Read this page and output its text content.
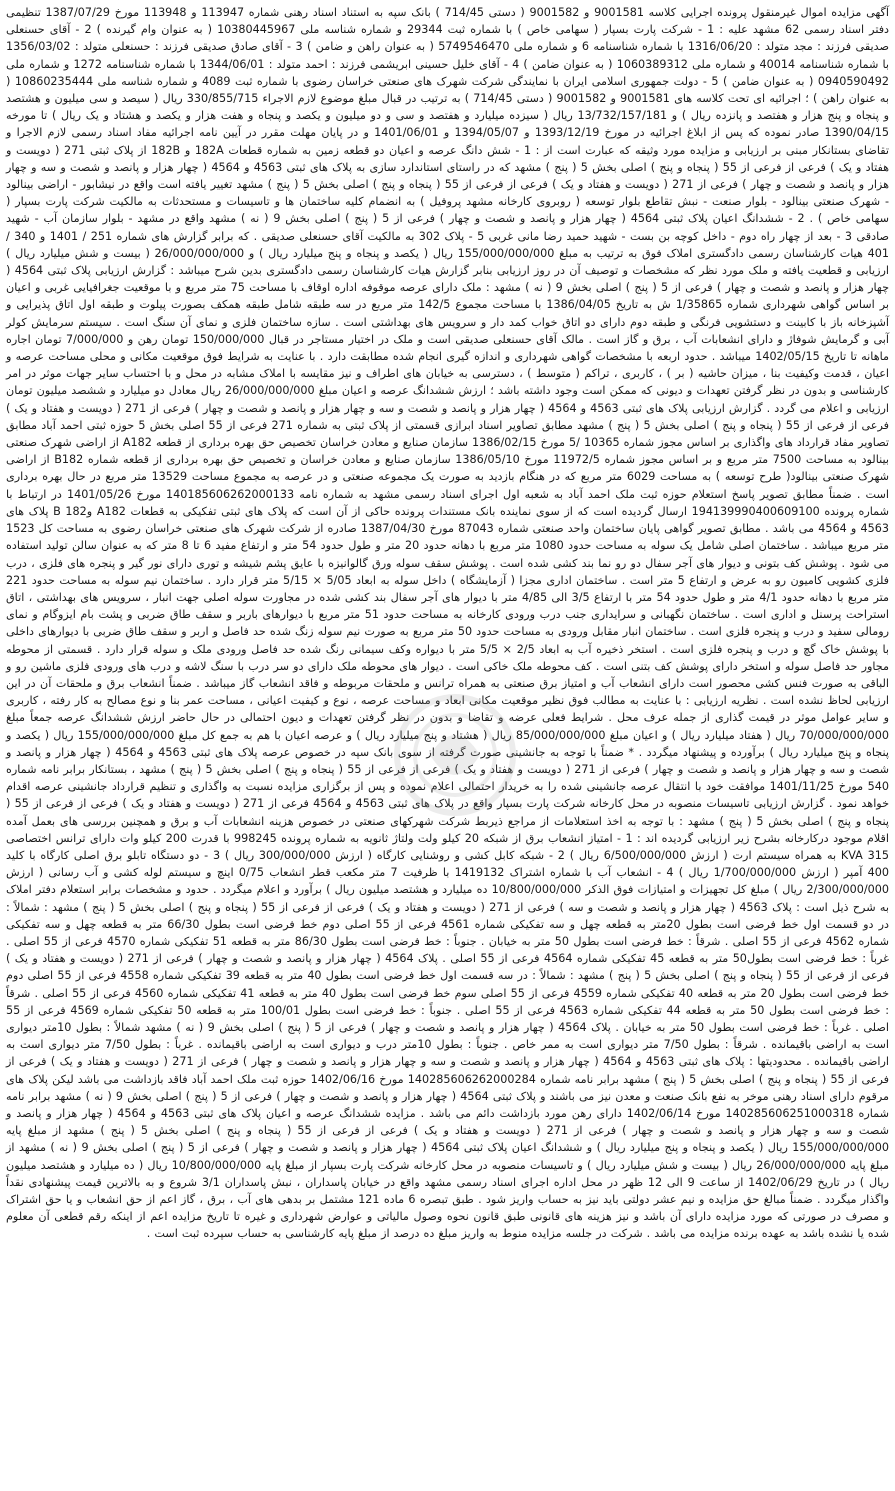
آگهی مزایده اموال غیرمنقول پرونده اجرایی کلاسه 9001581 و 9001582 ( دستی 714/45 ) بانک سپه به استناد اسناد رهنی شماره 113947 و 113948 مورخ 1387/07/29 تنظیمی دفتر اسناد رسمی 62 مشهد علیه : 1 - شرکت پارت بسپار ( سهامی خاص ) با شماره ثبت 29344 و شماره شناسه ملی 10380445967 ( به عنوان وام گیرنده ) 2 - آقای حسنعلی صدیقی فرزند : مجد متولد : 1316/06/20 با شماره شناسنامه 6 و شماره ملی 5749546470 ( به عنوان راهن و ضامن ) 3 - آقای صادق صدیقی فرزند : حسنعلی متولد : 1356/03/02 با شماره شناسنامه 40014 و شماره ملی 1060389312 ( به عنوان ضامن ) 4 - آقای خلیل حسینی ابریشمی فرزند : احمد متولد : 1344/06/01 با شماره شناسنامه 1272 و شماره ملی 0940590492 ( به عنوان ضامن ) 5 - دولت جمهوری اسلامی ایران با نمایندگی شرکت شهرک های صنعتی خراسان رضوی با شماره ثبت 4089 و شماره شناسه ملی 10860235444 ( به عنوان راهن ) ؛ اجرائیه ای تحت کلاسه های 9001581 و 9001582 ( دستی 714/45 ) به ترتیب در قبال مبلغ موضوع لازم الاجراء 330/855/715 ریال ( سیصد و سی میلیون و هشتصد و پنجاه و پنج هزار و هفتصد و پانزده ریال ) و 13/732/157/181 ریال ( سیزده میلیارد و هفتصد و سی و دو میلیون و یکصد و پنجاه و هفت هزار و یکصد و هشتاد و یک ریال ) تا مورخه 1390/04/15 صادر نموده که پس از ابلاغ اجرائیه در مورخ 1393/12/19 و 1394/05/07 و 1401/06/01 و در پایان مهلت مقرر در آیین نامه اجرائیه مفاد اسناد رسمی لازم الاجرا و تقاضای بستانکار مبنی بر ارزیابی و مزایده مورد وثیقه که عبارت است از : 1 - شش دانگ عرصه و اعیان دو قطعه زمین به شماره قطعات 182A و 182B از پلاک ثبتی 271 ( دویست و هفتاد و یک ) فرعی از فرعی از 55 ( پنجاه و پنج ) اصلی بخش 5 ( پنج ) مشهد که در راستای استاندارد سازی به پلاک های ثبتی 4563 و 4564 ( چهار هزار و پانصد و شصت و سه و چهار هزار و پانصد و شصت و چهار ) فرعی از 271 ( دویست و هفتاد و یک ) فرعی از فرعی از 55 ( پنجاه و پنج ) اصلی بخش 5 ( پنج ) مشهد تغییر یافته است واقع در نیشابور - اراضی بینالود - شهرک صنعتی بینالود - بلوار صنعت - نبش تقاطع بلوار توسعه ( روبروی کارخانه مشهد پروفیل ) به انضمام کلیه ساختمان ها و تاسیسات و مستحدثات به مالکیت شرکت پارت بسپار ( سهامی خاص ) . 2 - ششدانگ اعیان پلاک ثبتی 4564 ( چهار هزار و پانصد و شصت و چهار ) فرعی از 5 ( پنج ) اصلی بخش 9 ( نه ) مشهد واقع در مشهد - بلوار سازمان آب - شهید صادقی 3 - بعد از چهار راه دوم - داخل کوچه بن بست - شهید حمید رضا مانی غربی 5 - پلاک 302 به مالکیت آقای حسنعلی صدیقی . که برابر گزارش های شماره 251 / 1401 و 340 / 401 هیات کارشناسان رسمی دادگستری املاک فوق به ترتیب به مبلغ 155/000/000/000 ریال ( یکصد و پنجاه و پنج میلیارد ریال ) و 26/000/000/000 ( بیست و شش میلیارد ریال ) ارزیابی و قطعیت یافته و ملک مورد نظر که مشخصات و توصیف آن در روز ارزیابی بنابر گزارش هیات کارشناسان رسمی دادگستری بدین شرح میباشد : گزارش ارزیابی پلاک ثبتی 4564 ( چهار هزار و پانصد و شصت و چهار ) فرعی از 5 ( پنج ) اصلی بخش 9 ( نه ) مشهد : ملک دارای عرصه موقوفه اداره اوقاف با مساحت 75 متر مربع و با موقعیت جغرافیایی غربی و اعیان بر اساس گواهی شهرداری شماره 1/35865 ش به تاریخ 1386/04/05 با مساحت مجموع 142/5 متر مربع در سه طبقه شامل طبقه همکف بصورت پیلوت و طبقه اول اتاق پذیرایی و آشپزخانه باز با کابینت و دستشویی فرنگی و طبقه دوم دارای دو اتاق خواب کمد دار و سرویس های بهداشتی است . سازه ساختمان فلزی و نمای آن سنگ است . سیستم سرمایش کولر آبی و گرمایش شوفاژ و دارای انشعابات آب ، برق و گاز است . مالک آقای حسنعلی صدیقی است و ملک در اختیار مستاجر در قبال 150/000/000 تومان رهن و 7/000/000 تومان اجاره ماهانه تا تاریخ 1402/05/15 میباشد . حدود اربعه با مشخصات گواهی شهرداری و اندازه گیری انجام شده مطابقت دارد . با عنایت به شرایط فوق موقعیت مکانی و محلی مساحت عرصه و اعیان ، قدمت وکیفیت بنا ، میزان حاشیه ( بر ) ، کاربری ، تراکم ( متوسط ) ، دسترسی به خیابان های اطراف و نیز مقایسه با املاک مشابه در محل و با احتساب سایر جهات موثر در امر کارشناسی و بدون در نظر گرفتن تعهدات و دیونی که ممکن است وجود داشته باشد ؛ ارزش ششدانگ عرصه و اعیان مبلغ 26/000/000/000 ریال معادل دو میلیارد و ششصد میلیون تومان ارزیابی و اعلام می گردد . گزارش ارزیابی پلاک های ثبتی 4563 و 4564 ( چهار هزار و پانصد و شصت و سه و چهار هزار و پانصد و شصت و چهار ) فرعی از 271 ( دویست و هفتاد و یک ) فرعی از فرعی از 55 ( پنجاه و پنج ) اصلی بخش 5 ( پنج ) مشهد مطابق تصاویر اسناد ابرازی قسمتی از پلاک ثبتی به شماره 271 فرعی از 55 اصلی بخش 5 حوزه ثبتی احمد آباد مطابق تصاویر مفاد قرارداد های واگذاری بر اساس مجوز شماره 10365 /5 مورخ 1386/02/15 سازمان صنایع و معادن خراسان تخصیص حق بهره برداری از قطعه A182 از اراضی شهرک صنعتی بینالود به مساحت 7500 متر مربع و بر اساس مجوز شماره 11972/5 مورخ 1386/05/10 سازمان صنایع و معادن خراسان و تخصیص حق بهره برداری از قطعه شماره B182 از اراضی شهرک صنعتی بینالود( طرح توسعه ) به مساحت 6029 متر مربع که در هنگام بازدید به صورت یک مجموعه صنعتی و در عرصه به مجموع مساحت 13529 متر مربع در حال بهره برداری است . ضمناً مطابق تصویر پاسخ استعلام حوزه ثبت ملک احمد آباد به شعبه اول اجرای اسناد رسمی مشهد به شماره نامه 140185606262000133 مورخ 1401/05/26 در ارتباط با شماره پرونده 194139990400609100 ارسال گردیده است که از سوی نماینده بانک مستندات پرونده حاکی از آن است که پلاک های ثبتی تفکیکی به قطعات A182 وB 182 پلاک های 4563 و 4564 می باشد . مطابق تصویر گواهی پایان ساختمان واحد صنعتی شماره 87043 مورخ 1387/04/30 صادره از شرکت شهرک های صنعتی خراسان رضوی به مساحت کل 1523 متر مربع میباشد . ساختمان اصلی شامل یک سوله به مساحت حدود 1080 متر مربع با دهانه حدود 20 متر و طول حدود 54 متر و ارتفاع مفید 6 تا 8 متر که به عنوان سالن تولید استفاده می شود . پوشش کف بتونی و دیوار های آجر سفال دو رو نما بند کشی شده است . پوشش سقف سوله ورق گالوانیزه با عایق پشم شیشه و توری دارای نور گیر و پنجره های فلزی ، درب فلزی کشویی کامیون رو به عرض و ارتفاع 5 متر است . ساختمان اداری مجزا ( آزمایشگاه ) داخل سوله به ابعاد 5/05 × 5/15 متر قرار دارد . ساختمان نیم سوله به مساحت حدود 221 متر مربع با دهانه حدود 4/1 متر و طول حدود 54 متر با ارتفاع 3/5 الی 4/85 متر با دیوار های آجر سفال بند کشی شده در مجاورت سوله اصلی جهت انبار ، سرویس های بهداشتی ، اتاق استراحت پرسنل و اداری است . ساختمان نگهبانی و سرایداری جنب درب ورودی کارخانه به مساحت حدود 51 متر مربع با دیوارهای باربر و سقف طاق ضربی و پشت بام ایزوگام و نمای رومالی سفید و درب و پنجره فلزی است . ساختمان انبار مقابل ورودی به مساحت حدود 50 متر مربع به صورت نیم سوله زنگ شده حد فاصل و اربر و سقف طاق ضربی با دیوارهای داخلی با پوشش خاک گچ و درب و پنجره فلزی است . استخر ذخیره آب به ابعاد 2/5 × 5/5 متر با دیواره وکف سیمانی رنگ شده حد فاصل ورودی ملک و سوله قرار دارد . قسمتی از محوطه مجاور حد فاصل سوله و استخر دارای پوشش کف بتنی است . کف محوطه ملک خاکی است . دیوار های محوطه ملک دارای دو سر درب با سنگ لاشه و درب های ورودی فلزی ماشین رو و الباقی به صورت فنس کشی محصور است دارای انشعاب آب و امتیاز برق صنعتی به همراه ترانس و ملحقات مربوطه و فاقد انشعاب گاز میباشد . ضمناً انشعاب برق و ملحقات آن در این ارزیابی لحاظ نشده است . نظریه ارزیابی : با عنایت به مطالب فوق نظیر موقعیت مکانی ابعاد و مساحت عرصه ، نوع و کیفیت اعیانی ، مساحت عمر بنا و نوع مصالح به کار رفته ، کاربری و سایر عوامل موثر در قیمت گذاری از جمله عرف محل . شرایط فعلی عرضه و تقاضا و بدون در نظر گرفتن تعهدات و دیون احتمالی در حال حاضر ارزش ششدانگ عرصه جمعاً مبلغ 70/000/000/000 ریال ( هفتاد میلیارد ریال ) و اعیان مبلغ 85/000/000/000 ریال ( هشتاد و پنج میلیارد ریال ) و عرصه اعیان با هم به جمع کل مبلغ 155/000/000/000 ریال ( یکصد و پنجاه و پنج میلیارد ریال ) برآورده و پیشنهاد میگردد . * ضمناً با توجه به جانشینی صورت گرفته از سوی بانک سپه در خصوص عرصه پلاک های ثبتی 4563 و 4564 ( چهار هزار و پانصد و شصت و سه و چهار هزار و پانصد و شصت و چهار ) فرعی از 271 ( دویست و هفتاد و یک ) فرعی از فرعی از 55 ( پنجاه و پنج ) اصلی بخش 5 ( پنج ) مشهد ، بستانکار برابر نامه شماره 540 مورخ 1401/11/25 موافقت خود با انتقال عرصه جانشینی شده را به خریدار احتمالی اعلام نموده و پس از برگزاری مزایده نسبت به واگذاری و تنظیم قرارداد جانشینی عرصه اقدام خواهد نمود . گزارش ارزیابی تاسیسات منصوبه در محل کارخانه شرکت پارت بسپار واقع در پلاک های ثبتی 4563 و 4564 فرعی از 271 ( دویست و هفتاد و یک ) فرعی از فرعی از 55 ( پنجاه و پنج ) اصلی بخش 5 ( پنج ) مشهد : با توجه به اخذ استعلامات از مراجع ذیربط شرکت شهرکهای صنعتی در خصوص هزینه انشعابات آب و برق و همچنین بررسی های بعمل آمده اقلام موجود درکارخانه بشرح زیر ارزیابی گردیده اند : 1 - امتیاز انشعاب برق از شبکه 20 کیلو ولت ولتاژ ثانویه به شماره پرونده 998245 با قدرت 200 کیلو وات دارای ترانس اختصاصی 315 KVA به همراه سیستم ارت ( ارزش 6/500/000/000 ریال ) 2 - شبکه کابل کشی و روشنایی کارگاه ( ارزش 300/000/000 ریال ) 3 - دو دستگاه تابلو برق اصلی کارگاه با کلید 400 آمپر ( ارزش 1/700/000/000 ریال ) 4 - انشعاب آب با شماره اشتراک 1419132 با ظرفیت 7 متر مکعب قطر انشعاب 0/75 اینچ و سیستم لوله کشی و آب رسانی ( ارزش 2/300/000/000 ریال ) مبلغ کل تجهیزات و امتیازات فوق الذکر 10/800/000/000 ده میلیارد و هشتصد میلیون ریال ) برآورد و اعلام میگردد . حدود و مشخصات برابر استعلام دفتر املاک به شرح ذیل است : پلاک 4563 ( چهار هزار و پانصد و شصت و سه ) فرعی از 271 ( دویست و هفتاد و یک ) فرعی از فرعی از 55 ( پنجاه و پنج ) اصلی بخش 5 ( پنج ) مشهد : شمالاً : در دو قسمت اول خط فرضی است بطول 20متر به قطعه چهل و سه تفکیکی شماره 4561 فرعی از 55 اصلی دوم خط فرضی است بطول 66/30 متر به قطعه چهل و سه تفکیکی شماره 4562 فرعی از 55 اصلی . شرقاً : خط فرضی است بطول 50 متر به خیابان . جنوباً : خط فرضی است بطول 86/30 متر به قطعه 51 تفکیکی شماره 4570 فرعی از 55 اصلی . غرباً : خط فرضی است بطول50 متر به قطعه 45 تفکیکی شماره 4564 فرعی از 55 اصلی . پلاک 4564 ( چهار هزار و پانصد و شصت و چهار ) فرعی از 271 ( دویست و هفتاد و یک ) فرعی از فرعی از 55 ( پنجاه و پنج ) اصلی بخش 5 ( پنج ) مشهد : شمالاً : در سه قسمت اول خط فرضی است بطول 40 متر به قطعه 39 تفکیکی شماره 4558 فرعی از 55 اصلی دوم خط فرضی است بطول 20 متر به قطعه 40 تفکیکی شماره 4559 فرعی از 55 اصلی سوم خط فرضی است بطول 40 متر به قطعه 41 تفکیکی شماره 4560 فرعی از 55 اصلی . شرقاً : خط فرضی است بطول 50 متر به قطعه 44 تفکیکی شماره 4563 فرعی از 55 اصلی . جنوباً : خط فرضی است بطول 100/01 متر به قطعه 50 تفکیکی شماره 4569 فرعی از 55 اصلی . غرباً : خط فرضی است بطول 50 متر به خیابان . پلاک 4564 ( چهار هزار و پانصد و شصت و چهار ) فرعی از 5 ( پنج ) اصلی بخش 9 ( نه ) مشهد شمالاً : بطول 10متر دیواری است به اراضی باقیمانده . شرقاً : بطول 7/50 متر دیواری است به ممر خاص . جنوباً : بطول 10متر درب و دیواری است به اراضی باقیمانده . غرباً : بطول 7/50 متر دیواری است به اراضی باقیمانده . محدودیتها : پلاک های ثبتی 4563 و 4564 ( چهار هزار و پانصد و شصت و سه و چهار هزار و پانصد و شصت و چهار ) فرعی از 271 ( دویست و هفتاد و یک ) فرعی از فرعی از 55 ( پنجاه و پنج ) اصلی بخش 5 ( پنج ) مشهد برابر نامه شماره 140285606262000284 مورخ 1402/06/16 حوزه ثبت ملک احمد آباد فاقد بازداشت می باشد لیکن پلاک های مرقوم دارای اسناد رهنی موخر به نفع بانک صنعت و معدن نیز می باشند و پلاک ثبتی 4564 ( چهار هزار و پانصد و شصت و چهار ) فرعی از 5 ( پنج ) اصلی بخش 9 ( نه ) مشهد برابر نامه شماره 140285606251000318 مورخ 1402/06/14 دارای رهن مورد بازداشت دائم می باشد . مزایده ششدانگ عرصه و اعیان پلاک های ثبتی 4563 و 4564 ( چهار هزار و پانصد و شصت و سه و چهار هزار و پانصد و شصت و چهار ) فرعی از 271 ( دویست و هفتاد و یک ) فرعی از فرعی از 55 ( پنجاه و پنج ) اصلی بخش 5 ( پنج ) مشهد از مبلغ پایه 155/000/000/000 ریال ( یکصد و پنجاه و پنج میلیارد ریال ) و ششدانگ اعیان پلاک ثبتی 4564 ( چهار هزار و پانصد و شصت و چهار ) فرعی از 5 ( پنج ) اصلی بخش 9 ( نه ) مشهد از مبلغ پایه 26/000/000/000 ریال ( بیست و شش میلیارد ریال ) و تاسیسات منصوبه در محل کارخانه شرکت پارت بسپار از مبلغ پایه 10/800/000/000 ریال ( ده میلیارد و هشتصد میلیون ریال ) در تاریخ 1402/06/29 از ساعت 9 الی 12 ظهر در محل اداره اجرای اسناد رسمی مشهد واقع در خیابان پاسداران ، نبش پاسداران 3/1 شروع و به بالاترین قیمت پیشنهادی نقداً واگذار میگردد . ضمناً مبالغ حق مزایده و نیم عشر دولتی باید نیز به حساب واریز شود . طبق تبصره 6 ماده 121 مشتمل بر بدهی های آب ، برق ، گاز اعم از حق انشعاب و یا حق اشتراک و مصرف در صورتی که مورد مزایده دارای آن باشد و نیز هزینه های قانونی طبق قانون نحوه وصول مالیاتی و عوارض شهرداری و غیره تا تاریخ مزایده اعم از اینکه رقم قطعی آن معلوم شده یا نشده باشد به عهده برنده مزایده می باشد . شرکت در جلسه مزایده منوط به واریز مبلغ ده درصد از مبلغ پایه کارشناسی به حساب سپرده ثبت است .
